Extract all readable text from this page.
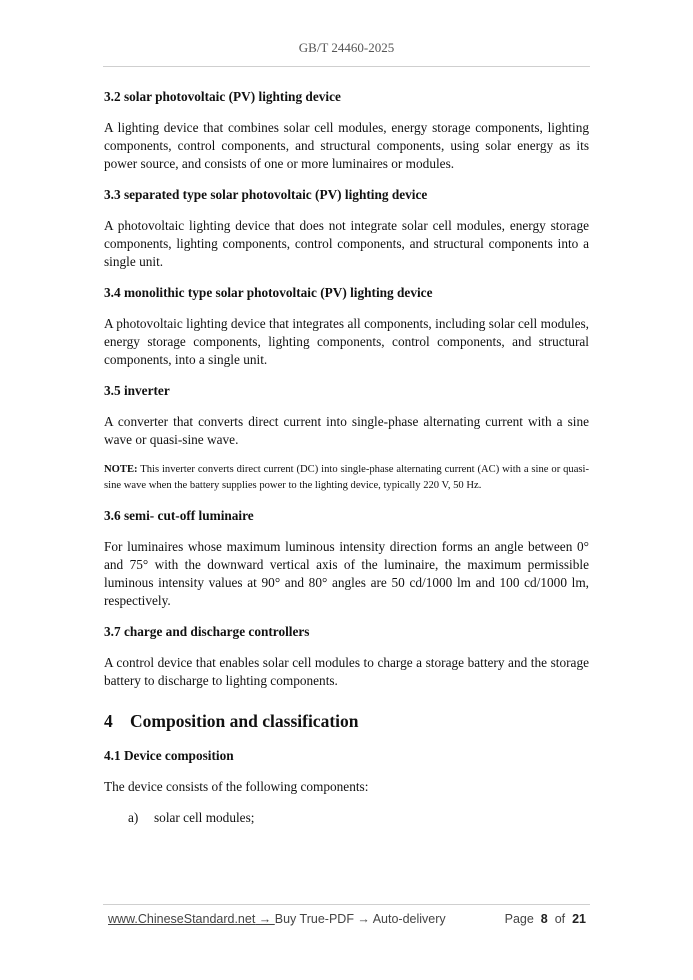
GB/T 24460-2025
3.2 solar photovoltaic (PV) lighting device
A lighting device that combines solar cell modules, energy storage components, lighting components, control components, and structural components, using solar energy as its power source, and consists of one or more luminaires or modules.
3.3 separated type solar photovoltaic (PV) lighting device
A photovoltaic lighting device that does not integrate solar cell modules, energy storage components, lighting components, control components, and structural components into a single unit.
3.4 monolithic type solar photovoltaic (PV) lighting device
A photovoltaic lighting device that integrates all components, including solar cell modules, energy storage components, lighting components, control components, and structural components, into a single unit.
3.5 inverter
A converter that converts direct current into single-phase alternating current with a sine wave or quasi-sine wave.
NOTE: This inverter converts direct current (DC) into single-phase alternating current (AC) with a sine or quasi-sine wave when the battery supplies power to the lighting device, typically 220 V, 50 Hz.
3.6 semi- cut-off luminaire
For luminaires whose maximum luminous intensity direction forms an angle between 0° and 75° with the downward vertical axis of the luminaire, the maximum permissible luminous intensity values at 90° and 80° angles are 50 cd/1000 lm and 100 cd/1000 lm, respectively.
3.7 charge and discharge controllers
A control device that enables solar cell modules to charge a storage battery and the storage battery to discharge to lighting components.
4 Composition and classification
4.1 Device composition
The device consists of the following components:
a) solar cell modules;
www.ChineseStandard.net → Buy True-PDF → Auto-delivery	Page 8 of 21
